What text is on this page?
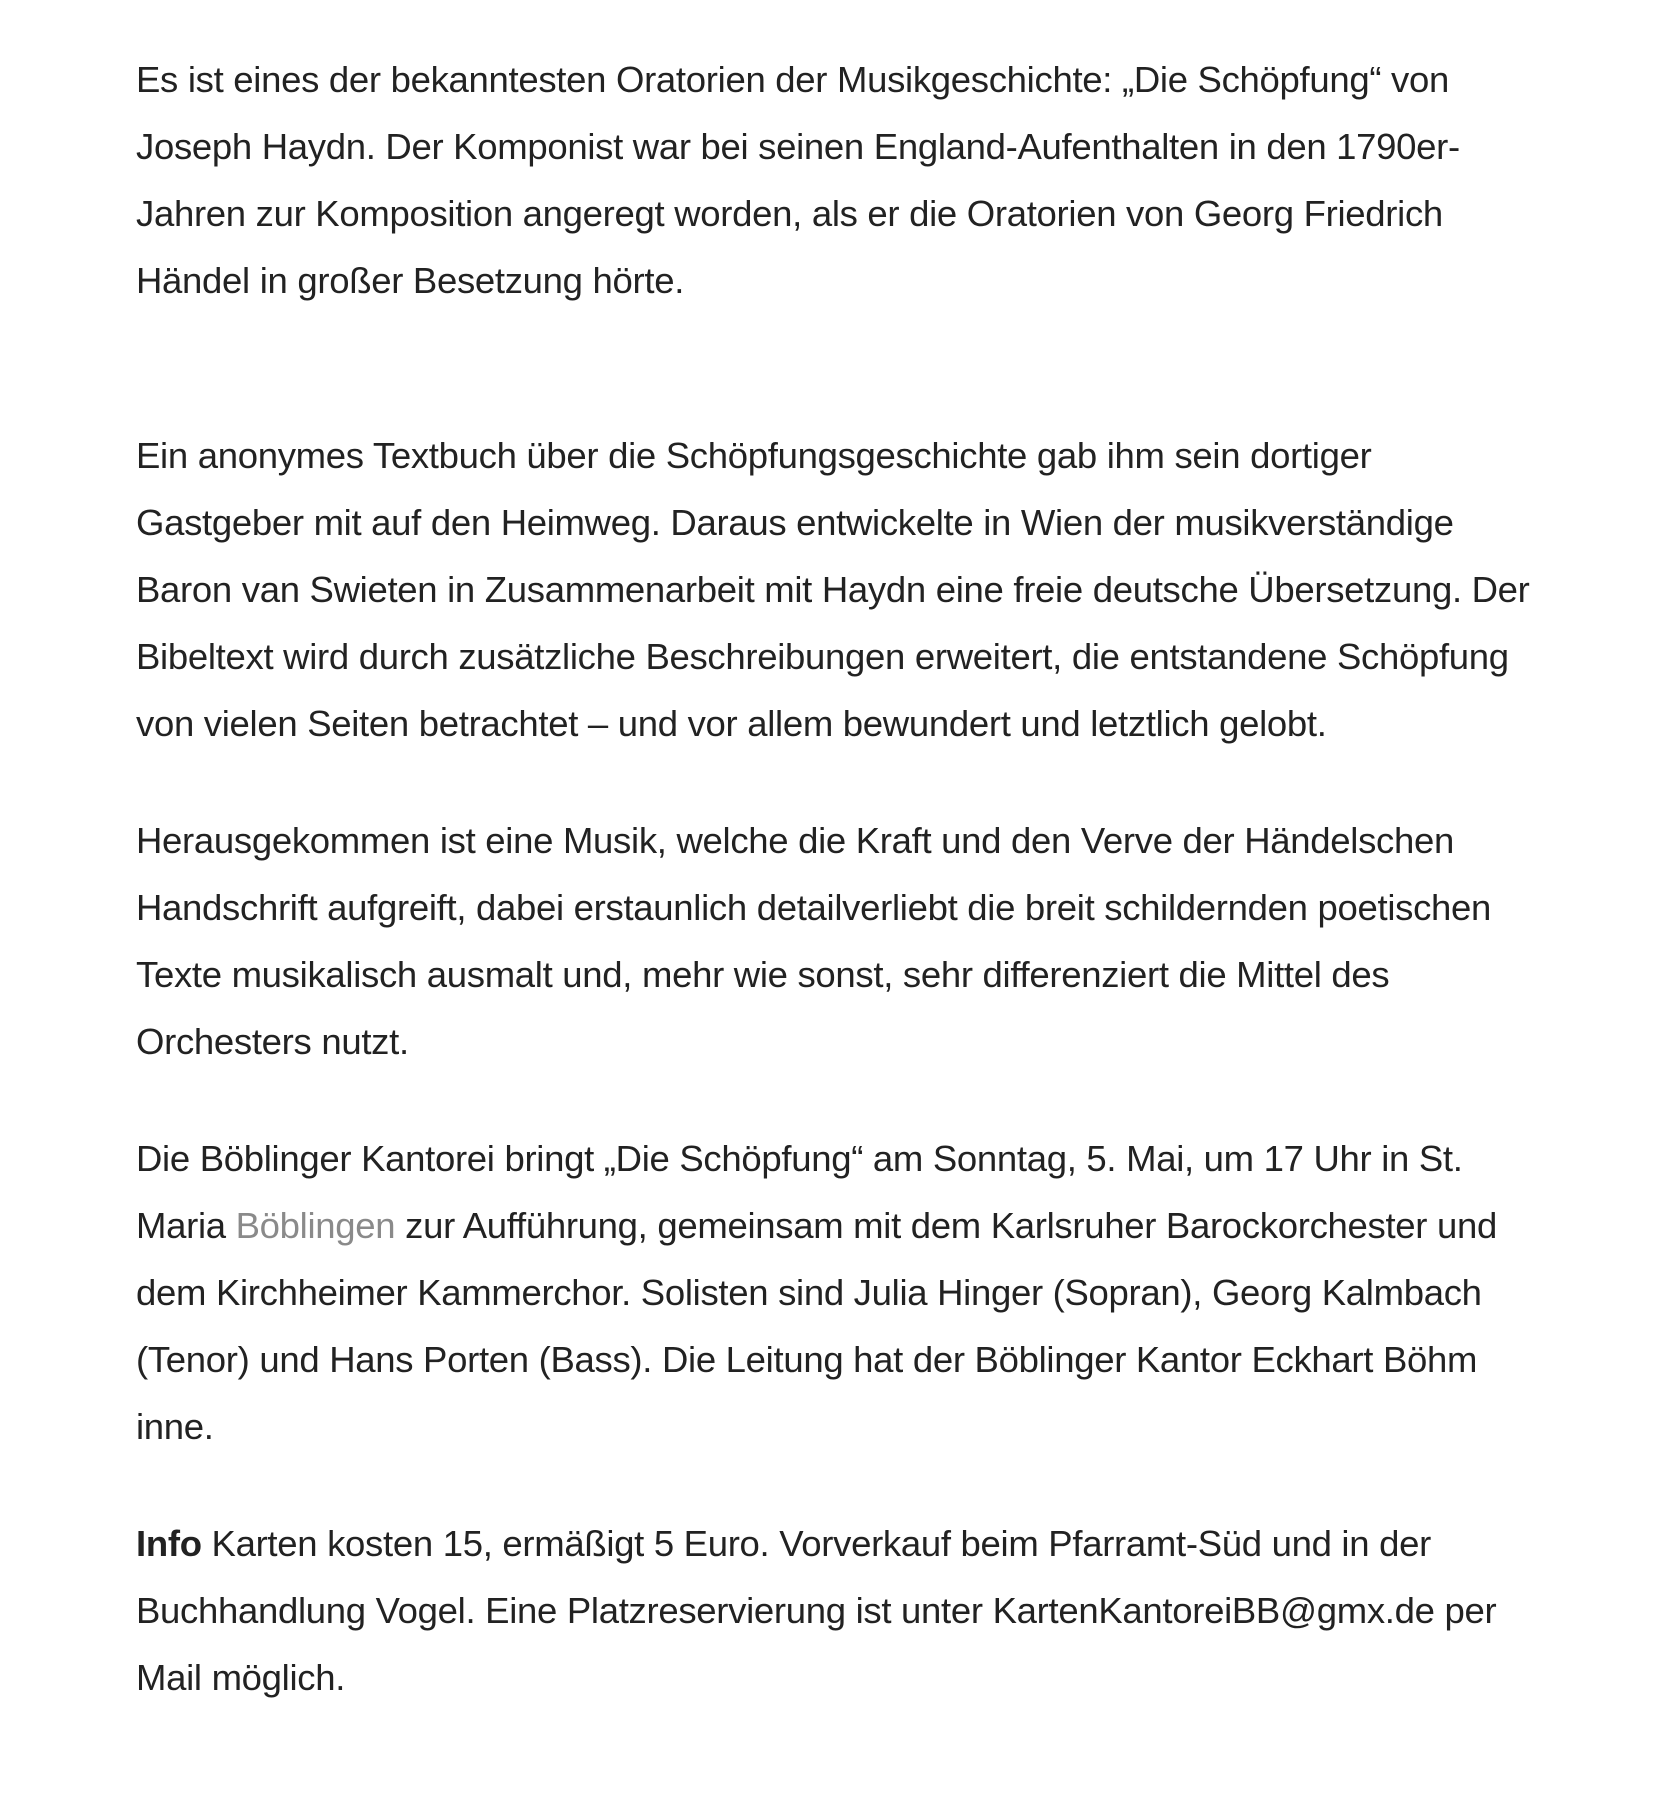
Es ist eines der bekanntesten Oratorien der Musikgeschichte: „Die Schöpfung“ von Joseph Haydn. Der Komponist war bei seinen England-Aufenthalten in den 1790er-Jahren zur Komposition angeregt worden, als er die Oratorien von Georg Friedrich Händel in großer Besetzung hörte.

Ein anonymes Textbuch über die Schöpfungsgeschichte gab ihm sein dortiger Gastgeber mit auf den Heimweg. Daraus entwickelte in Wien der musikverständige Baron van Swieten in Zusammenarbeit mit Haydn eine freie deutsche Übersetzung. Der Bibeltext wird durch zusätzliche Beschreibungen erweitert, die entstandene Schöpfung von vielen Seiten betrachtet – und vor allem bewundert und letztlich gelobt.

Herausgekommen ist eine Musik, welche die Kraft und den Verve der Händelschen Handschrift aufgreift, dabei erstaunlich detailverliebt die breit schildernden poetischen Texte musikalisch ausmalt und, mehr wie sonst, sehr differenziert die Mittel des Orchesters nutzt.

Die Böblinger Kantorei bringt „Die Schöpfung“ am Sonntag, 5. Mai, um 17 Uhr in St. Maria Böblingen zur Aufführung, gemeinsam mit dem Karlsruher Barockorchester und dem Kirchheimer Kammerchor. Solisten sind Julia Hinger (Sopran), Georg Kalmbach (Tenor) und Hans Porten (Bass). Die Leitung hat der Böblinger Kantor Eckhart Böhm inne.

Info Karten kosten 15, ermäßigt 5 Euro. Vorverkauf beim Pfarramt-Süd und in der Buchhandlung Vogel. Eine Platzreservierung ist unter KartenKantoreiBB@gmx.de per Mail möglich.
